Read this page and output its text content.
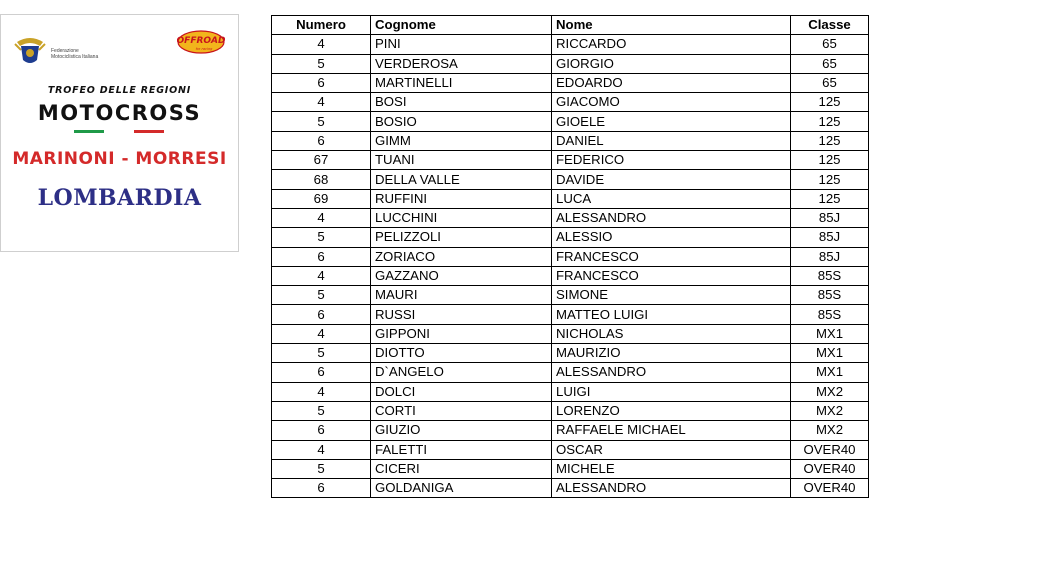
Federazione Motociclistica Italiana
OFFROAD
for racing
TROFEO DELLE REGIONI
MOTOCROSS
MARINONI - MORRESI
LOMBARDIA
Numero	Cognome	Nome	Classe
4	PINI	RICCARDO	65
5	VERDEROSA	GIORGIO	65
6	MARTINELLI	EDOARDO	65
4	BOSI	GIACOMO	125
5	BOSIO	GIOELE	125
6	GIMM	DANIEL	125
67	TUANI	FEDERICO	125
68	DELLA VALLE	DAVIDE	125
69	RUFFINI	LUCA	125
4	LUCCHINI	ALESSANDRO	85J
5	PELIZZOLI	ALESSIO	85J
6	ZORIACO	FRANCESCO	85J
4	GAZZANO	FRANCESCO	85S
5	MAURI	SIMONE	85S
6	RUSSI	MATTEO LUIGI	85S
4	GIPPONI	NICHOLAS	MX1
5	DIOTTO	MAURIZIO	MX1
6	D`ANGELO	ALESSANDRO	MX1
4	DOLCI	LUIGI	MX2
5	CORTI	LORENZO	MX2
6	GIUZIO	RAFFAELE MICHAEL	MX2
4	FALETTI	OSCAR	OVER40
5	CICERI	MICHELE	OVER40
6	GOLDANIGA	ALESSANDRO	OVER40
